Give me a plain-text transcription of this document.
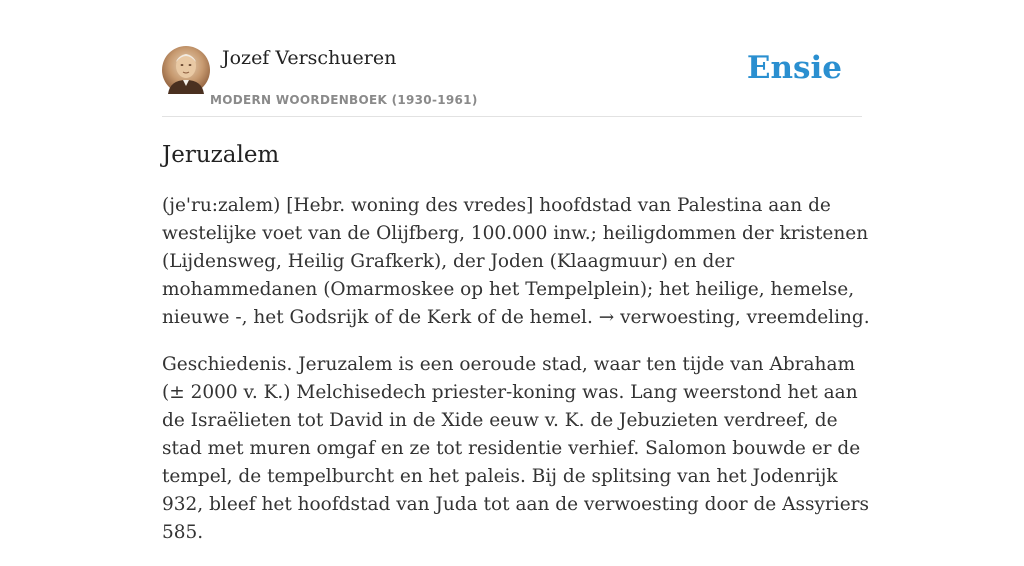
Jozef Verschueren
MODERN WOORDENBOEK (1930-1961)
Ensie
Jeruzalem

(je'ru:zalem) [Hebr. woning des vredes] hoofdstad van Palestina aan de westelijke voet van de Olijfberg, 100.000 inw.; heiligdommen der kristenen (Lijdensweg, Heilig Grafkerk), der Joden (Klaagmuur) en der mohammedanen (Omarmoskee op het Tempelplein); het heilige, hemelse, nieuwe -, het Godsrijk of de Kerk of de hemel. → verwoesting, vreemdeling.

Geschiedenis. Jeruzalem is een oeroude stad, waar ten tijde van Abraham (± 2000 v. K.) Melchisedech priester-koning was. Lang weerstond het aan de Israëlieten tot David in de Xide eeuw v. K. de Jebuzieten verdreef, de stad met muren omgaf en ze tot residentie verhief. Salomon bouwde er de tempel, de tempelburcht en het paleis. Bij de splitsing van het Jodenrijk 932, bleef het hoofdstad van Juda tot aan de verwoesting door de Assyriers 585.
